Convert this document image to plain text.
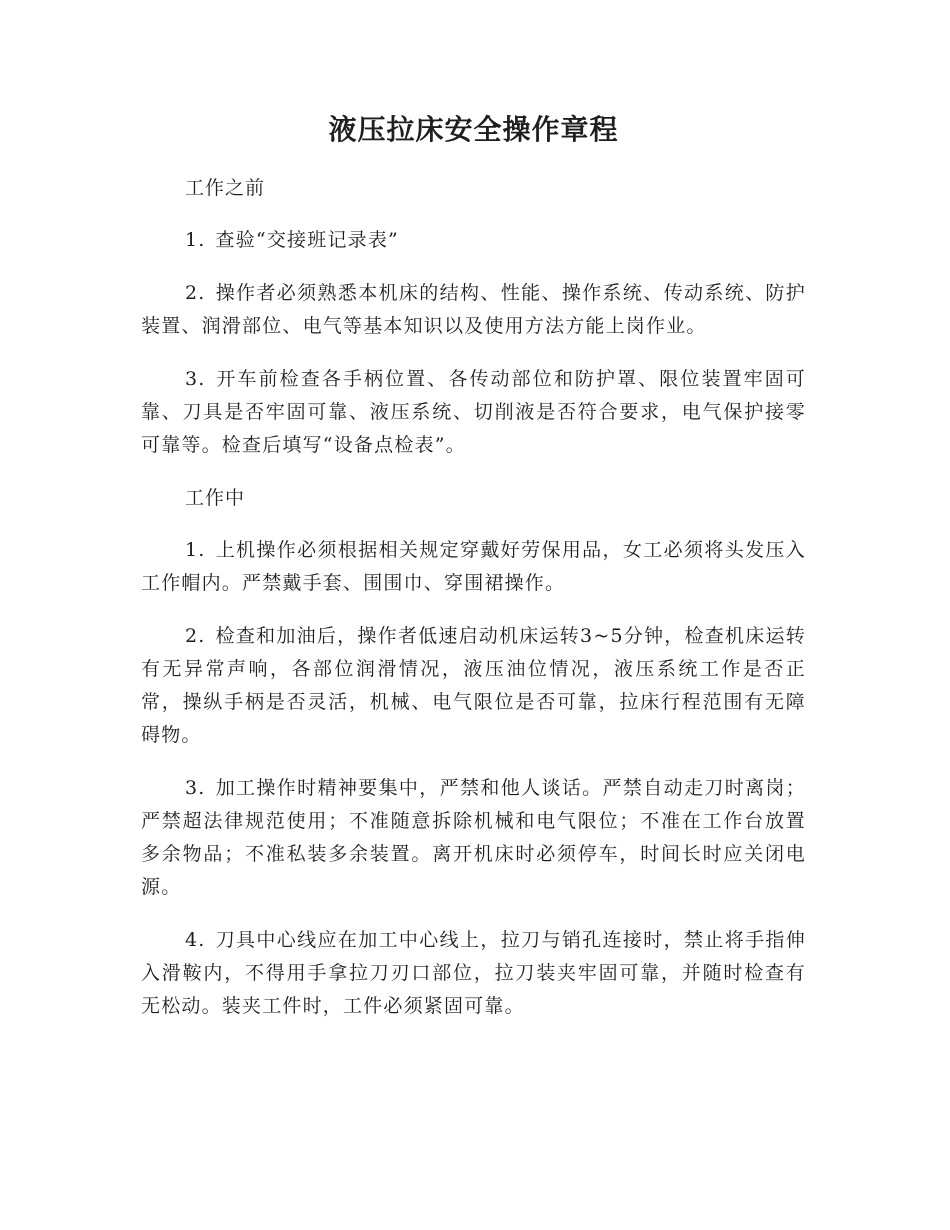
液压拉床安全操作章程

工作之前

1. 查验“交接班记录表”

2. 操作者必须熟悉本机床的结构、性能、操作系统、传动系统、防护装置、润滑部位、电气等基本知识以及使用方法方能上岗作业。

3. 开车前检查各手柄位置、各传动部位和防护罩、限位装置牢固可靠、刀具是否牢固可靠、液压系统、切削液是否符合要求，电气保护接零可靠等。检查后填写“设备点检表”。

工作中

1. 上机操作必须根据相关规定穿戴好劳保用品，女工必须将头发压入工作帽内。严禁戴手套、围围巾、穿围裙操作。

2. 检查和加油后，操作者低速启动机床运转3~5分钟，检查机床运转有无异常声响，各部位润滑情况，液压油位情况，液压系统工作是否正常，操纵手柄是否灵活，机械、电气限位是否可靠，拉床行程范围有无障碍物。

3. 加工操作时精神要集中，严禁和他人谈话。严禁自动走刀时离岗；严禁超法律规范使用；不准随意拆除机械和电气限位；不准在工作台放置多余物品；不准私装多余装置。离开机床时必须停车，时间长时应关闭电源。

4. 刀具中心线应在加工中心线上，拉刀与销孔连接时，禁止将手指伸入滑鞍内，不得用手拿拉刀刃口部位，拉刀装夹牢固可靠，并随时检查有无松动。装夹工件时，工件必须紧固可靠。
